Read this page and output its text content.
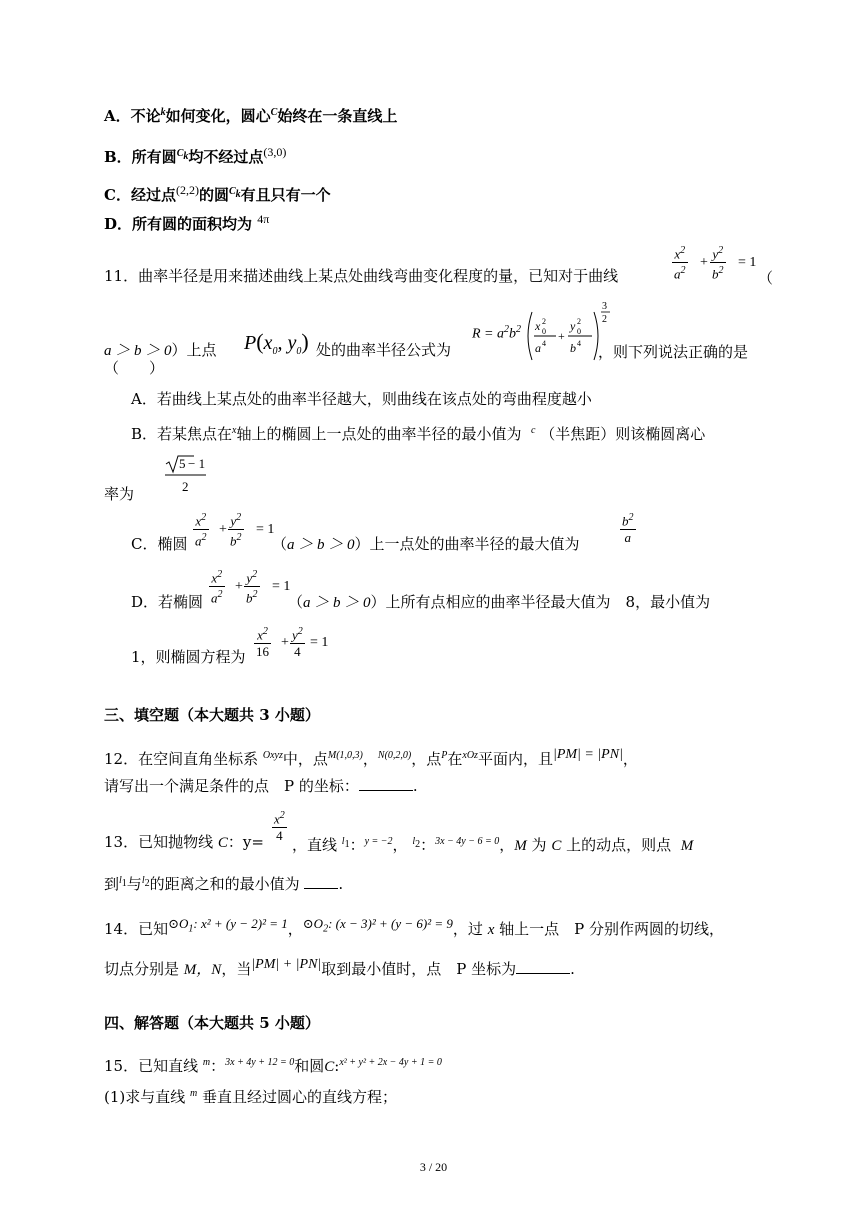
A．不论$^k$如何变化，圆心$^C$始终在一条直线上
B．所有圆$^{C_k}$均不经过点$^{(3,0)}$
C．经过点$^{(2,2)}$的圆$^{C_k}$有且只有一个
D．所有圆的面积均为 $^{4\pi}$
11．曲率半径是用来描述曲线上某点处曲线弯曲变化程度的量，已知对于曲线	$\frac{x^2}{a^2} + \frac{y^2}{b^2} = 1$
（
a ＞ b ＞ 0）上点 $P(x_0$, $y_0$) 处的曲率半径公式为
$R = a^2b^2$ x 2
0
a 4
+
y 2
0
b 4
3
2
，则下列说法正确的是
（　　）
A．若曲线上某点处的曲率半径越大，则曲线在该点处的弯曲程度越小
B．若某焦点在$^x$轴上的椭圆上一点处的曲率半径的最小值为 $^c$ （半焦距）则该椭圆离心
率为
5 − 1
2
C．椭圆 $\frac{x^2}{a^2} + \frac{y^2}{b^2} = 1$
（a ＞ b ＞ 0）上一点处的曲率半径的最大值为	$\frac{b^2}{a}$
D．若椭圆 $\frac{x^2}{a^2} + \frac{y^2}{b^2} = 1$
（a ＞ b ＞ 0）上所有点相应的曲率半径最大值为　8，最小值为
1，则椭圆方程为 $\frac{x^2}{16} + \frac{y^2}{4} = 1$
三、填空题（本大题共 3 小题）
12．在空间直角坐标系 $^{Oxyz}$中，点$^{M(1,0,3)}$，$^{N(0,2,0)}$，点$^P$在$^{xOz}$平面内，且$^{|PM| = |PN|}$，
请写出一个满足条件的点　P 的坐标：	.
13．已知抛物线 C：$y= \frac{x^2}{4}$
，直线 $^{l_1}$：$^{y = -2}$， $^{l_2}$：$^{3x - 4y - 6 = 0}$，M 为 C 上的动点，则点 M
到$^{l_1}$与$^{l_2}$的距离之和的最小值为	.
14．已知$^{⊙O_1: x^2 + (y - 2)^2 = 1}$，$^{⊙O_2: (x - 3)^2 + (y - 6)^2 = 9}$，过 x 轴上一点　P 分别作两圆的切线，
切点分别是 M，N，当$^{|PM| + |PN|}$取到最小值时，点　P 坐标为	.
四、解答题（本大题共 5 小题）
15．已知直线 $^m$：$^{3x + 4y + 12 = 0}$和圆C:$^{x^2 + y^2 + 2x - 4y + 1 = 0}$
(1)求与直线 $^m$ 垂直且经过圆心的直线方程；
3 / 20
